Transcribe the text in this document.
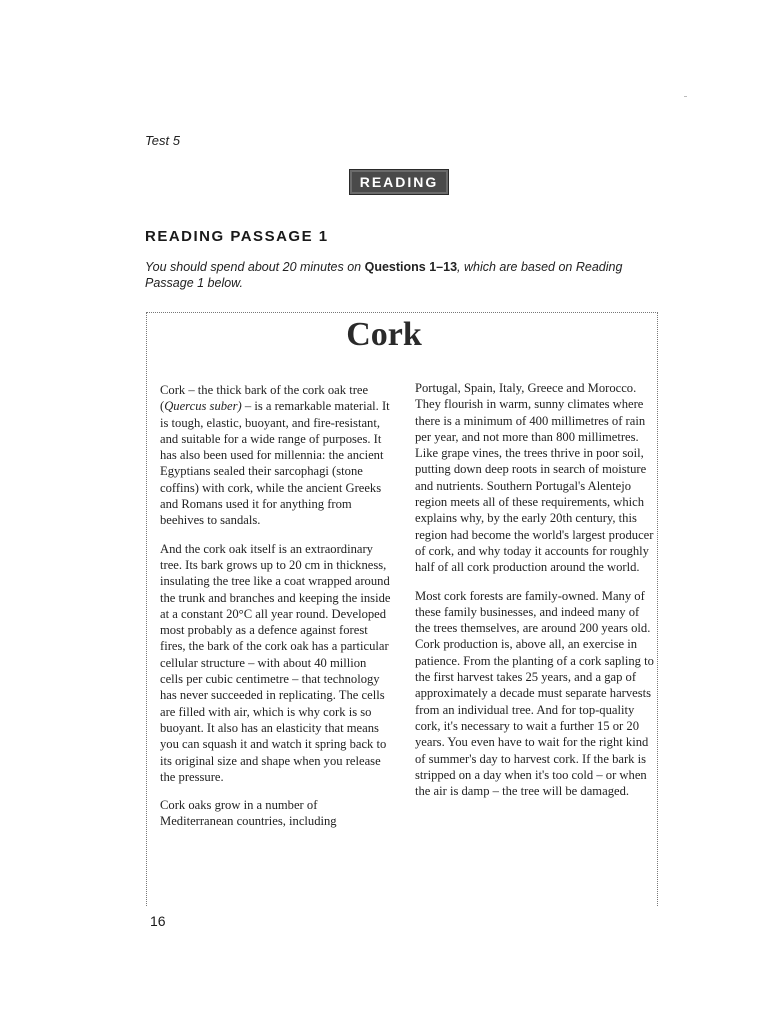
Test 5
READING
READING PASSAGE 1
You should spend about 20 minutes on Questions 1–13, which are based on Reading Passage 1 below.
Cork

Cork – the thick bark of the cork oak tree (Quercus suber) – is a remarkable material. It is tough, elastic, buoyant, and fire-resistant, and suitable for a wide range of purposes. It has also been used for millennia: the ancient Egyptians sealed their sarcophagi (stone coffins) with cork, while the ancient Greeks and Romans used it for anything from beehives to sandals.

And the cork oak itself is an extraordinary tree. Its bark grows up to 20 cm in thickness, insulating the tree like a coat wrapped around the trunk and branches and keeping the inside at a constant 20°C all year round. Developed most probably as a defence against forest fires, the bark of the cork oak has a particular cellular structure – with about 40 million cells per cubic centimetre – that technology has never succeeded in replicating. The cells are filled with air, which is why cork is so buoyant. It also has an elasticity that means you can squash it and watch it spring back to its original size and shape when you release the pressure.

Cork oaks grow in a number of Mediterranean countries, including

Portugal, Spain, Italy, Greece and Morocco. They flourish in warm, sunny climates where there is a minimum of 400 millimetres of rain per year, and not more than 800 millimetres. Like grape vines, the trees thrive in poor soil, putting down deep roots in search of moisture and nutrients. Southern Portugal's Alentejo region meets all of these requirements, which explains why, by the early 20th century, this region had become the world's largest producer of cork, and why today it accounts for roughly half of all cork production around the world.

Most cork forests are family-owned. Many of these family businesses, and indeed many of the trees themselves, are around 200 years old. Cork production is, above all, an exercise in patience. From the planting of a cork sapling to the first harvest takes 25 years, and a gap of approximately a decade must separate harvests from an individual tree. And for top-quality cork, it's necessary to wait a further 15 or 20 years. You even have to wait for the right kind of summer's day to harvest cork. If the bark is stripped on a day when it's too cold – or when the air is damp – the tree will be damaged.

16
